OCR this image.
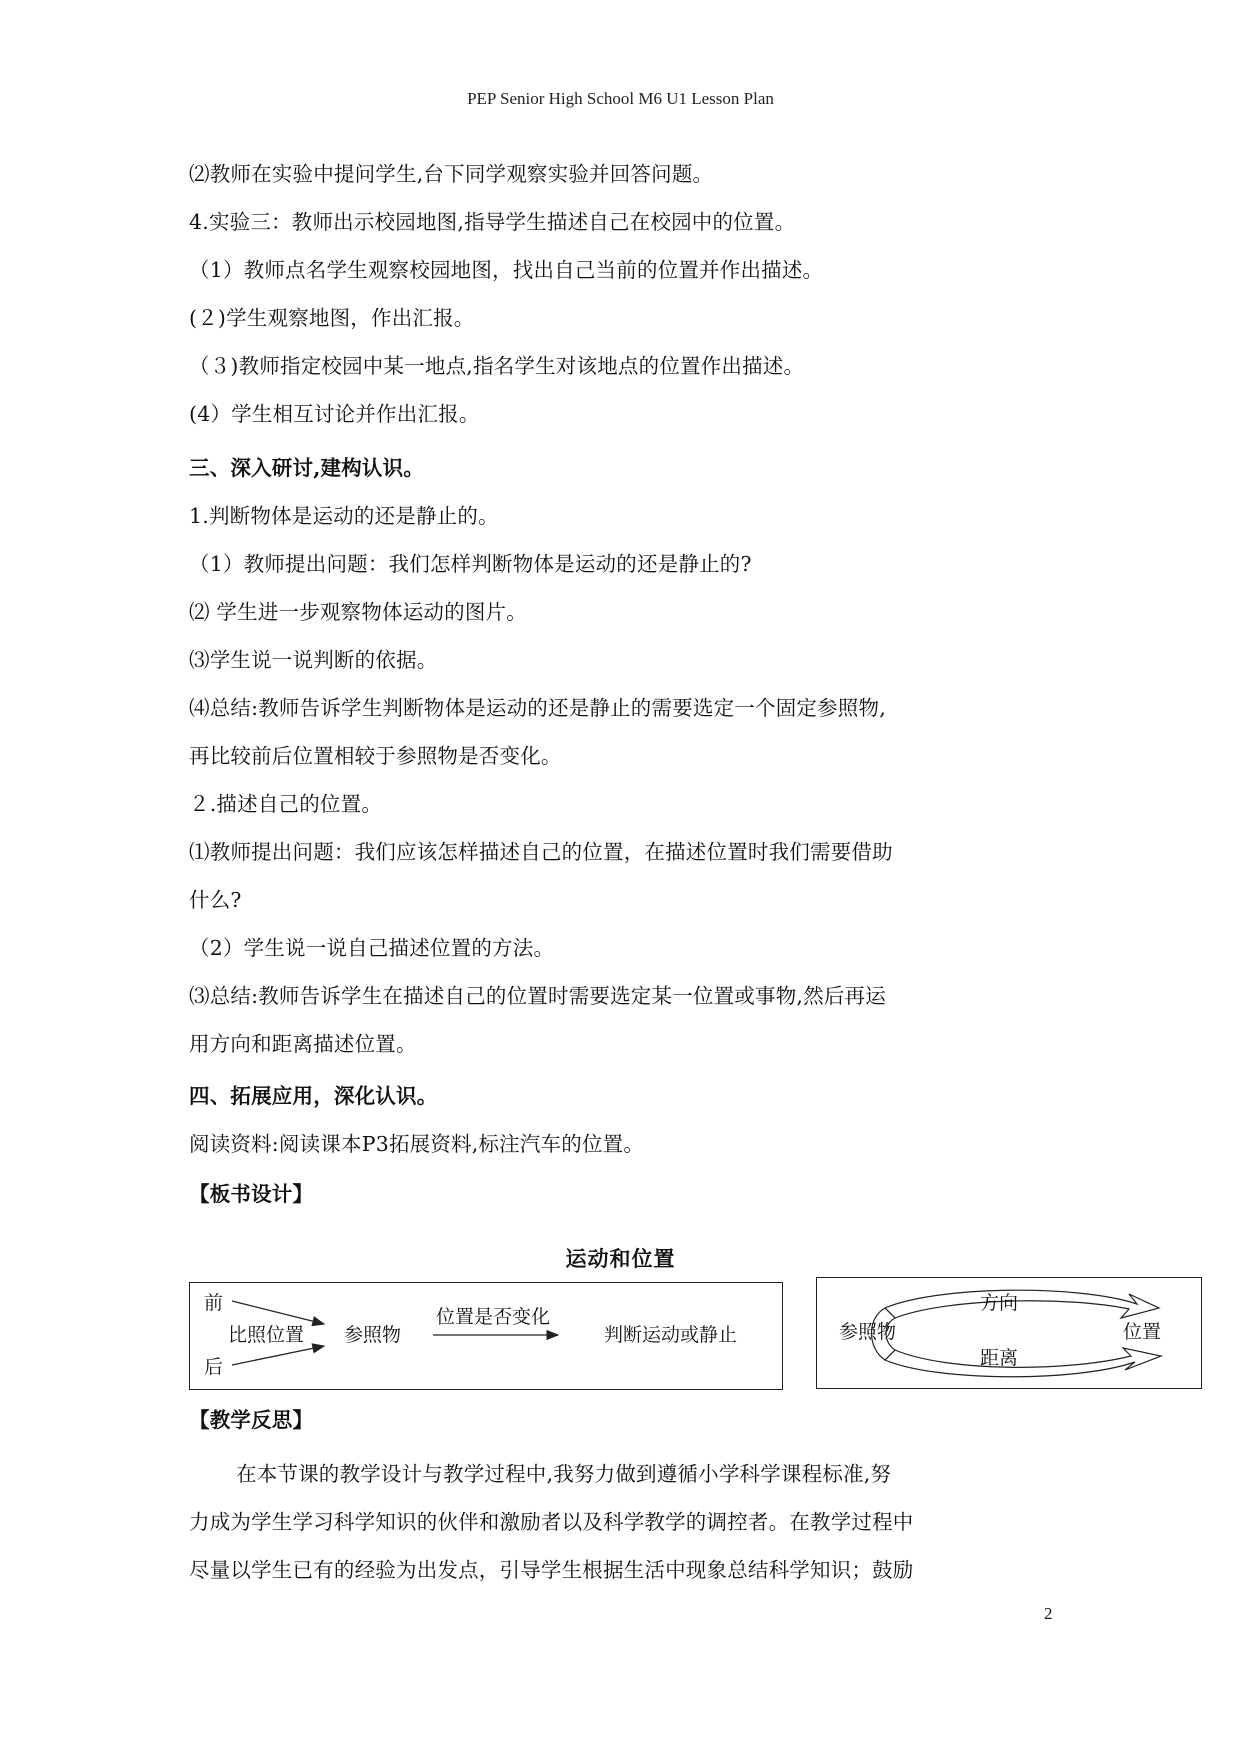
PEP Senior High School M6 U1 Lesson Plan
⑵教师在实验中提问学生,台下同学观察实验并回答问题。
4.实验三：教师出示校园地图,指导学生描述自己在校园中的位置。
（1）教师点名学生观察校园地图，找出自己当前的位置并作出描述。
(２)学生观察地图，作出汇报。
（３)教师指定校园中某一地点,指名学生对该地点的位置作出描述。
(4）学生相互讨论并作出汇报。
三、深入研讨,建构认识。
1.判断物体是运动的还是静止的。
（1）教师提出问题：我们怎样判断物体是运动的还是静止的?
⑵ 学生进一步观察物体运动的图片。
⑶学生说一说判断的依据。
⑷总结:教师告诉学生判断物体是运动的还是静止的需要选定一个固定参照物,
再比较前后位置相较于参照物是否变化。
２.描述自己的位置。
⑴教师提出问题：我们应该怎样描述自己的位置，在描述位置时我们需要借助
什么?
（2）学生说一说自己描述位置的方法。
⑶总结:教师告诉学生在描述自己的位置时需要选定某一位置或事物,然后再运
用方向和距离描述位置。
四、拓展应用，深化认识。
阅读资料:阅读课本P3拓展资料,标注汽车的位置。
【板书设计】
运动和位置
前
后
比照位置 参照物
位置是否变化
判断运动或静止	参照物
方向
距离
位置
【教学反思】
在本节课的教学设计与教学过程中,我努力做到遵循小学科学课程标准,努
力成为学生学习科学知识的伙伴和激励者以及科学教学的调控者。在教学过程中
尽量以学生已有的经验为出发点，引导学生根据生活中现象总结科学知识；鼓励
2
